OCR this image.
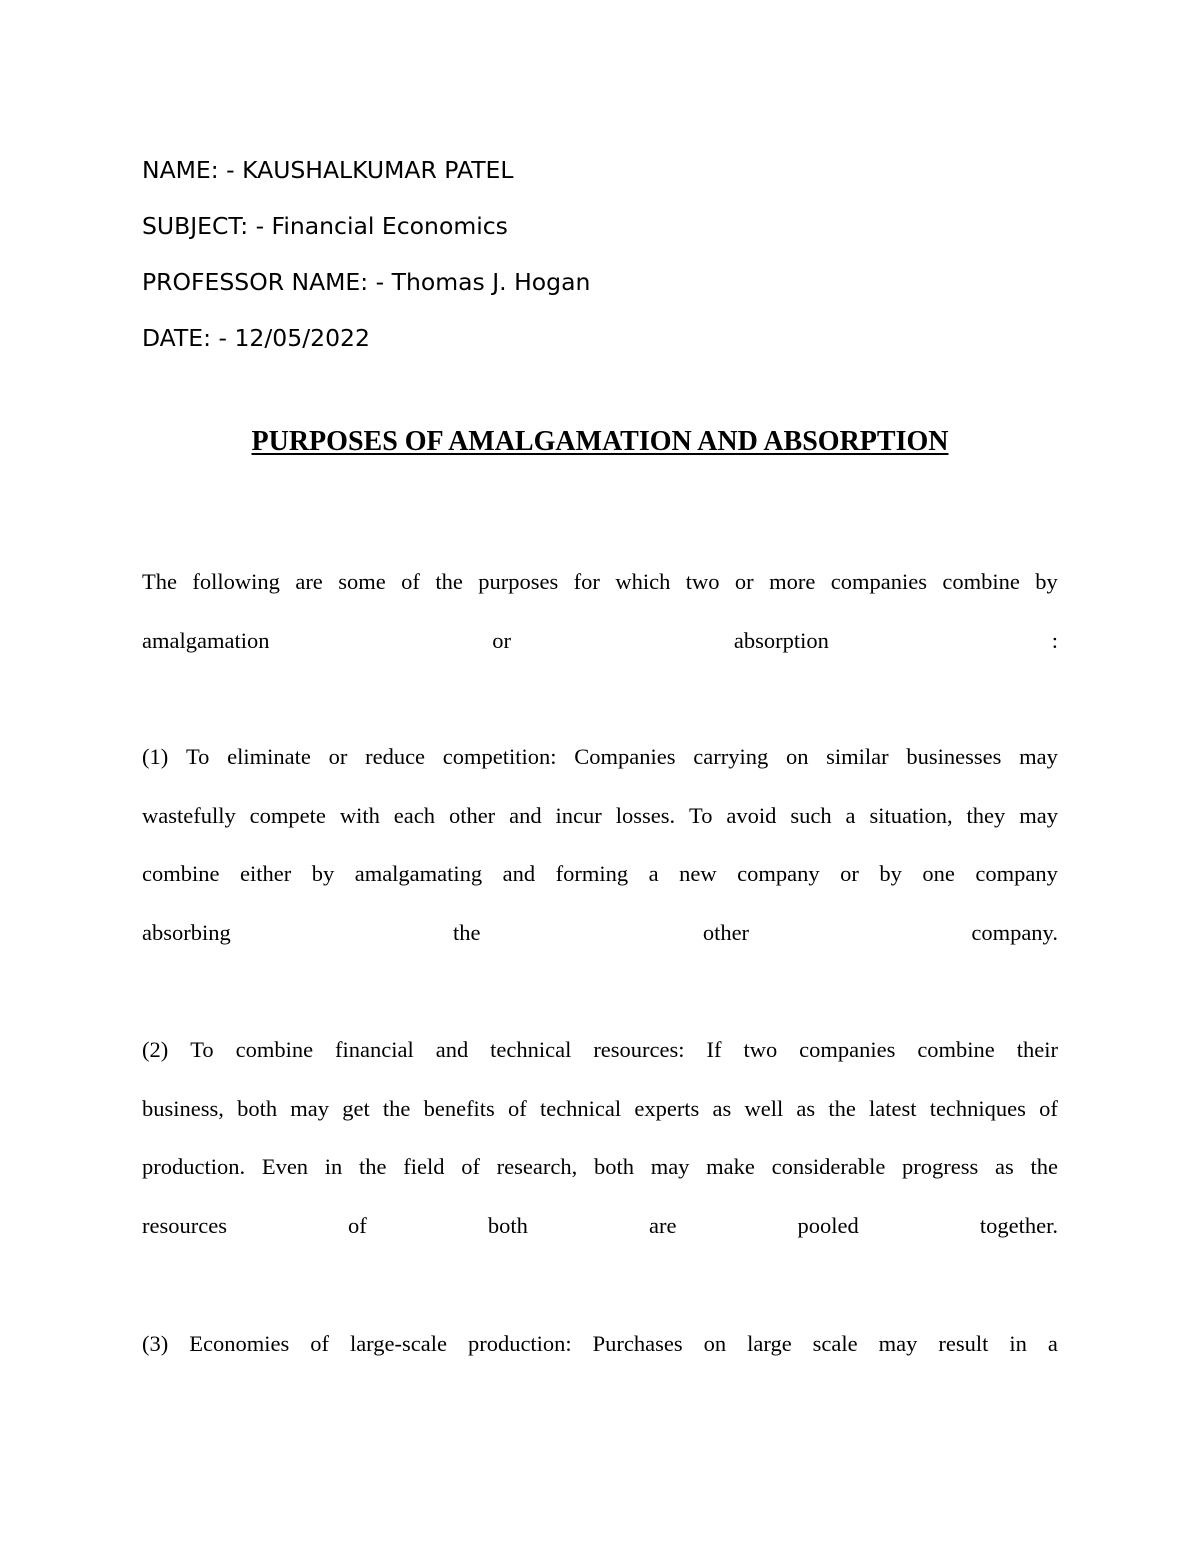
NAME: - KAUSHALKUMAR PATEL
SUBJECT: - Financial Economics
PROFESSOR NAME: - Thomas J. Hogan
DATE: - 12/05/2022
PURPOSES OF AMALGAMATION AND ABSORPTION
The following are some of the purposes for which two or more companies combine by
amalgamation	or	absorption	:
(1) To eliminate or reduce competition: Companies carrying on similar businesses may
wastefully compete with each other and incur losses. To avoid such a situation, they may
combine either by amalgamating and forming a new company or by one company
absorbing	the	other	company.
(2) To combine financial and technical resources: If two companies combine their
business, both may get the benefits of technical experts as well as the latest techniques of
production. Even in the field of research, both may make considerable progress as the
resources	of	both	are	pooled	together.
(3) Economies of large-scale production: Purchases on large scale may result in a
